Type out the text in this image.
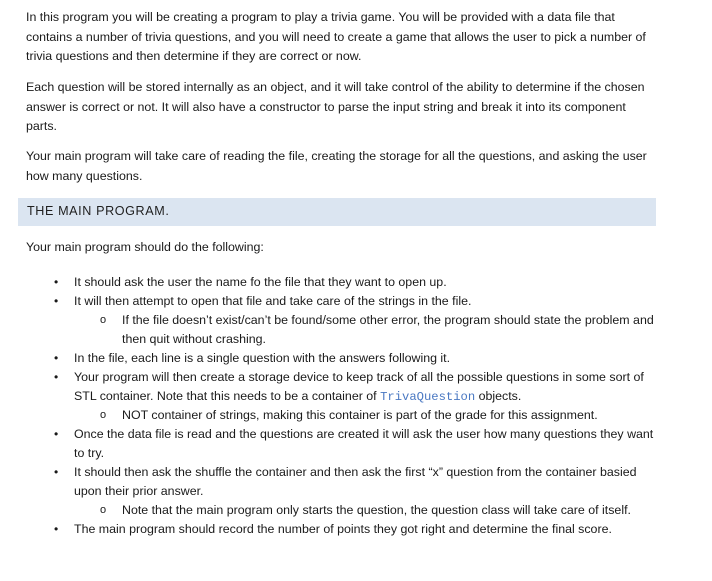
In this program you will be creating a program to play a trivia game. You will be provided with a data file that contains a number of trivia questions, and you will need to create a game that allows the user to pick a number of trivia questions and then determine if they are correct or now.

Each question will be stored internally as an object, and it will take control of the ability to determine if the chosen answer is correct or not. It will also have a constructor to parse the input string and break it into its component parts.

Your main program will take care of reading the file, creating the storage for all the questions, and asking the user how many questions.

THE MAIN PROGRAM.

Your main program should do the following:

• It should ask the user the name fo the file that they want to open up.
• It will then attempt to open that file and take care of the strings in the file.
o If the file doesn’t exist/can’t be found/some other error, the program should state the problem and then quit without crashing.
• In the file, each line is a single question with the answers following it.
• Your program will then create a storage device to keep track of all the possible questions in some sort of STL container. Note that this needs to be a container of TrivaQuestion objects.
o NOT container of strings, making this container is part of the grade for this assignment.
• Once the data file is read and the questions are created it will ask the user how many questions they want to try.
• It should then ask the shuffle the container and then ask the first “x” question from the container basied upon their prior answer.
o Note that the main program only starts the question, the question class will take care of itself.
• The main program should record the number of points they got right and determine the final score.
